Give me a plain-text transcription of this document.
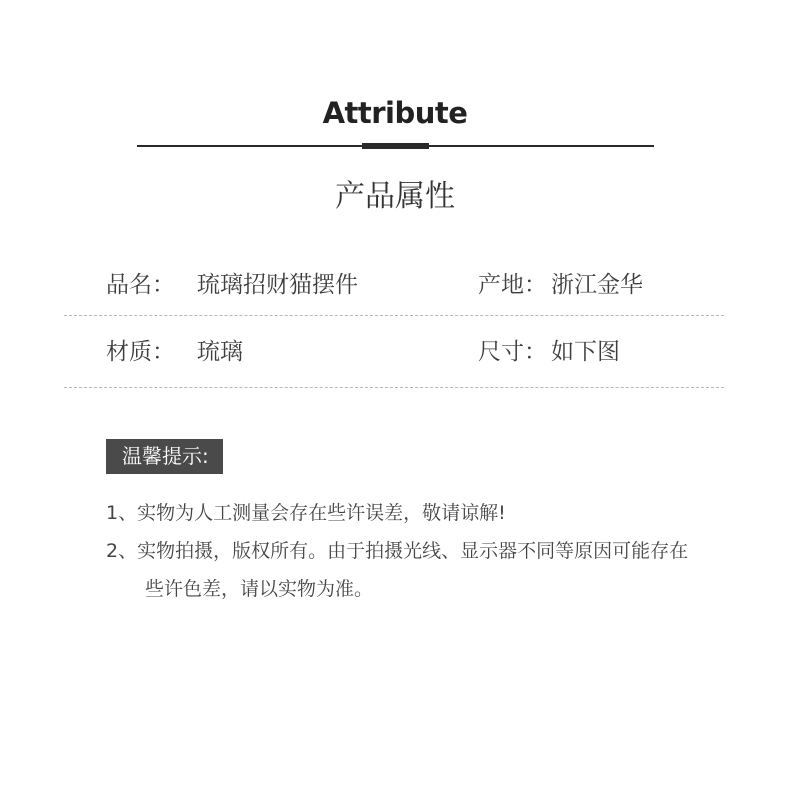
Attribute
产品属性
品名： 琉璃招财猫摆件	产地： 浙江金华
材质： 琉璃	尺寸： 如下图
温馨提示:
1、实物为人工测量会存在些许误差，敬请谅解!
2、实物拍摄，版权所有。由于拍摄光线、显示器不同等原因可能存在
些许色差，请以实物为准。
